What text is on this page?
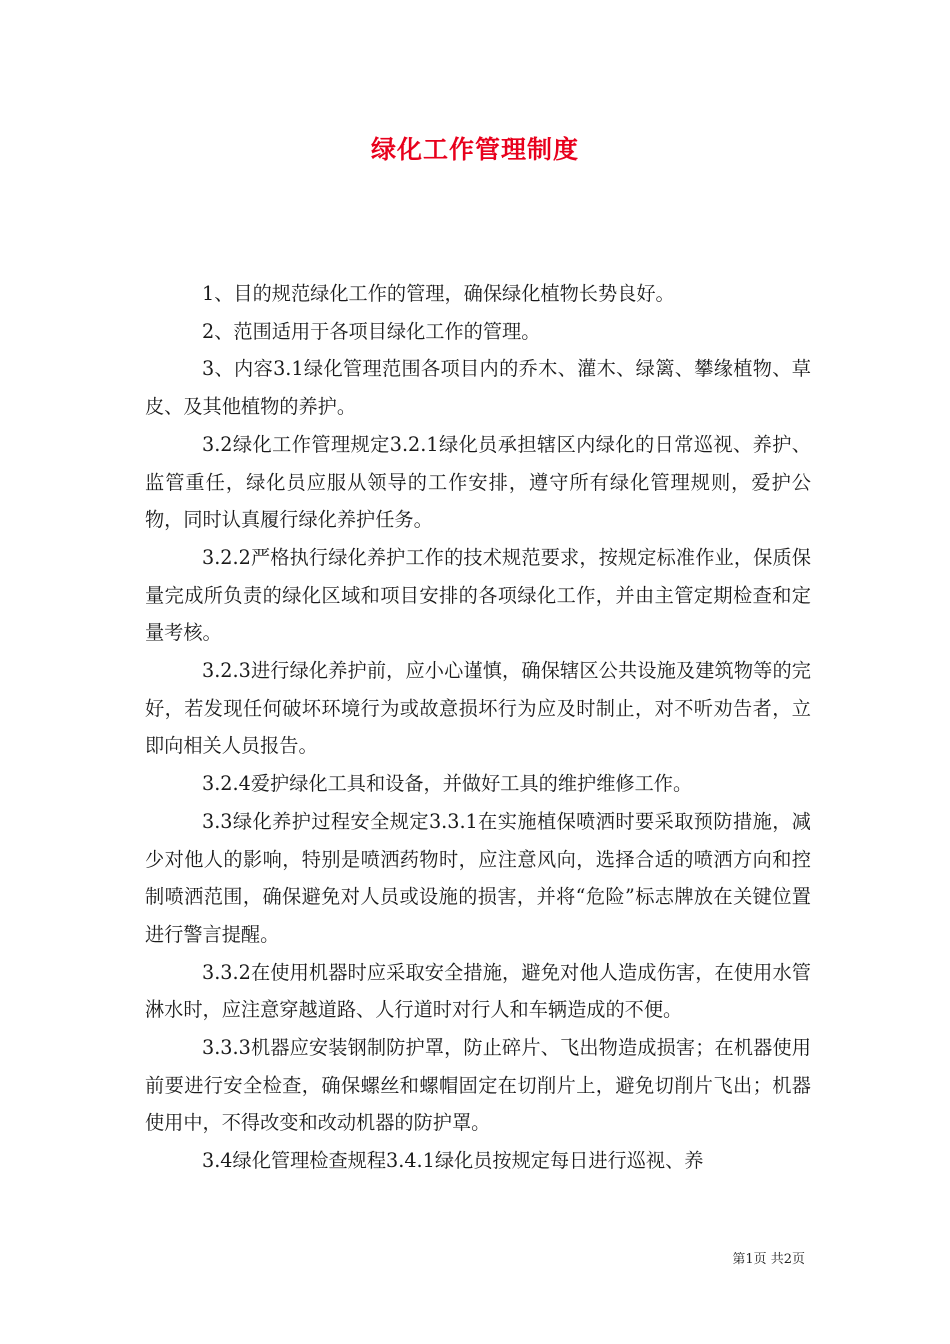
绿化工作管理制度

1、目的规范绿化工作的管理，确保绿化植物长势良好。

2、范围适用于各项目绿化工作的管理。

3、内容3.1绿化管理范围各项目内的乔木、灌木、绿篱、攀缘植物、草皮、及其他植物的养护。

3.2绿化工作管理规定3.2.1绿化员承担辖区内绿化的日常巡视、养护、监管重任，绿化员应服从领导的工作安排，遵守所有绿化管理规则，爱护公物，同时认真履行绿化养护任务。

3.2.2严格执行绿化养护工作的技术规范要求，按规定标准作业，保质保量完成所负责的绿化区域和项目安排的各项绿化工作，并由主管定期检查和定量考核。

3.2.3进行绿化养护前，应小心谨慎，确保辖区公共设施及建筑物等的完好，若发现任何破坏环境行为或故意损坏行为应及时制止，对不听劝告者，立即向相关人员报告。

3.2.4爱护绿化工具和设备，并做好工具的维护维修工作。

3.3绿化养护过程安全规定3.3.1在实施植保喷洒时要采取预防措施，减少对他人的影响，特别是喷洒药物时，应注意风向，选择合适的喷洒方向和控制喷洒范围，确保避免对人员或设施的损害，并将“危险”标志牌放在关键位置进行警言提醒。

3.3.2在使用机器时应采取安全措施，避免对他人造成伤害，在使用水管淋水时，应注意穿越道路、人行道时对行人和车辆造成的不便。

3.3.3机器应安装钢制防护罩，防止碎片、飞出物造成损害；在机器使用前要进行安全检查，确保螺丝和螺帽固定在切削片上，避免切削片飞出；机器使用中，不得改变和改动机器的防护罩。

3.4绿化管理检查规程3.4.1绿化员按规定每日进行巡视、养

第1页 共2页
